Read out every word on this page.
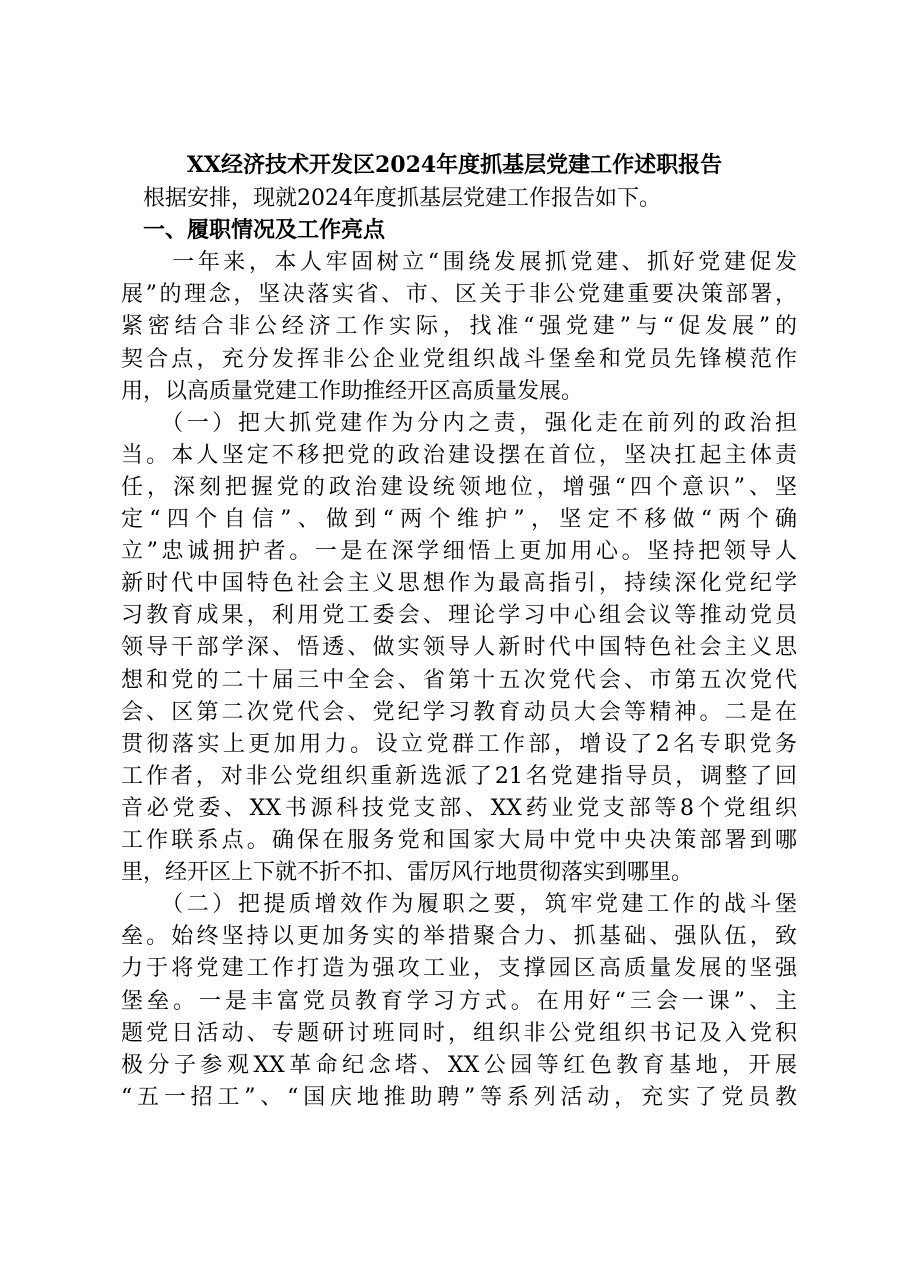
XX经济技术开发区2024年度抓基层党建工作述职报告
　根据安排，现就2024年度抓基层党建工作报告如下。
　一、履职情况及工作亮点
　　一年来，本人牢固树立“围绕发展抓党建、抓好党建促发
展”的理念，坚决落实省、市、区关于非公党建重要决策部署，
紧密结合非公经济工作实际，找准“强党建”与“促发展”的
契合点，充分发挥非公企业党组织战斗堡垒和党员先锋模范作
用，以高质量党建工作助推经开区高质量发展。
　　（一）把大抓党建作为分内之责，强化走在前列的政治担
当。本人坚定不移把党的政治建设摆在首位，坚决扛起主体责
任，深刻把握党的政治建设统领地位，增强“四个意识”、坚
定“四个自信”、做到“两个维护”，坚定不移做“两个确
立”忠诚拥护者。一是在深学细悟上更加用心。坚持把领导人
新时代中国特色社会主义思想作为最高指引，持续深化党纪学
习教育成果，利用党工委会、理论学习中心组会议等推动党员
领导干部学深、悟透、做实领导人新时代中国特色社会主义思
想和党的二十届三中全会、省第十五次党代会、市第五次党代
会、区第二次党代会、党纪学习教育动员大会等精神。二是在
贯彻落实上更加用力。设立党群工作部，增设了2名专职党务
工作者，对非公党组织重新选派了21名党建指导员，调整了回
音必党委、XX书源科技党支部、XX药业党支部等8个党组织
工作联系点。确保在服务党和国家大局中党中央决策部署到哪
里，经开区上下就不折不扣、雷厉风行地贯彻落实到哪里。
　　（二）把提质增效作为履职之要，筑牢党建工作的战斗堡
垒。始终坚持以更加务实的举措聚合力、抓基础、强队伍，致
力于将党建工作打造为强攻工业，支撑园区高质量发展的坚强
堡垒。一是丰富党员教育学习方式。在用好“三会一课”、主
题党日活动、专题研讨班同时，组织非公党组织书记及入党积
极分子参观XX革命纪念塔、XX公园等红色教育基地，开展
“五一招工”、“国庆地推助聘”等系列活动，充实了党员教
